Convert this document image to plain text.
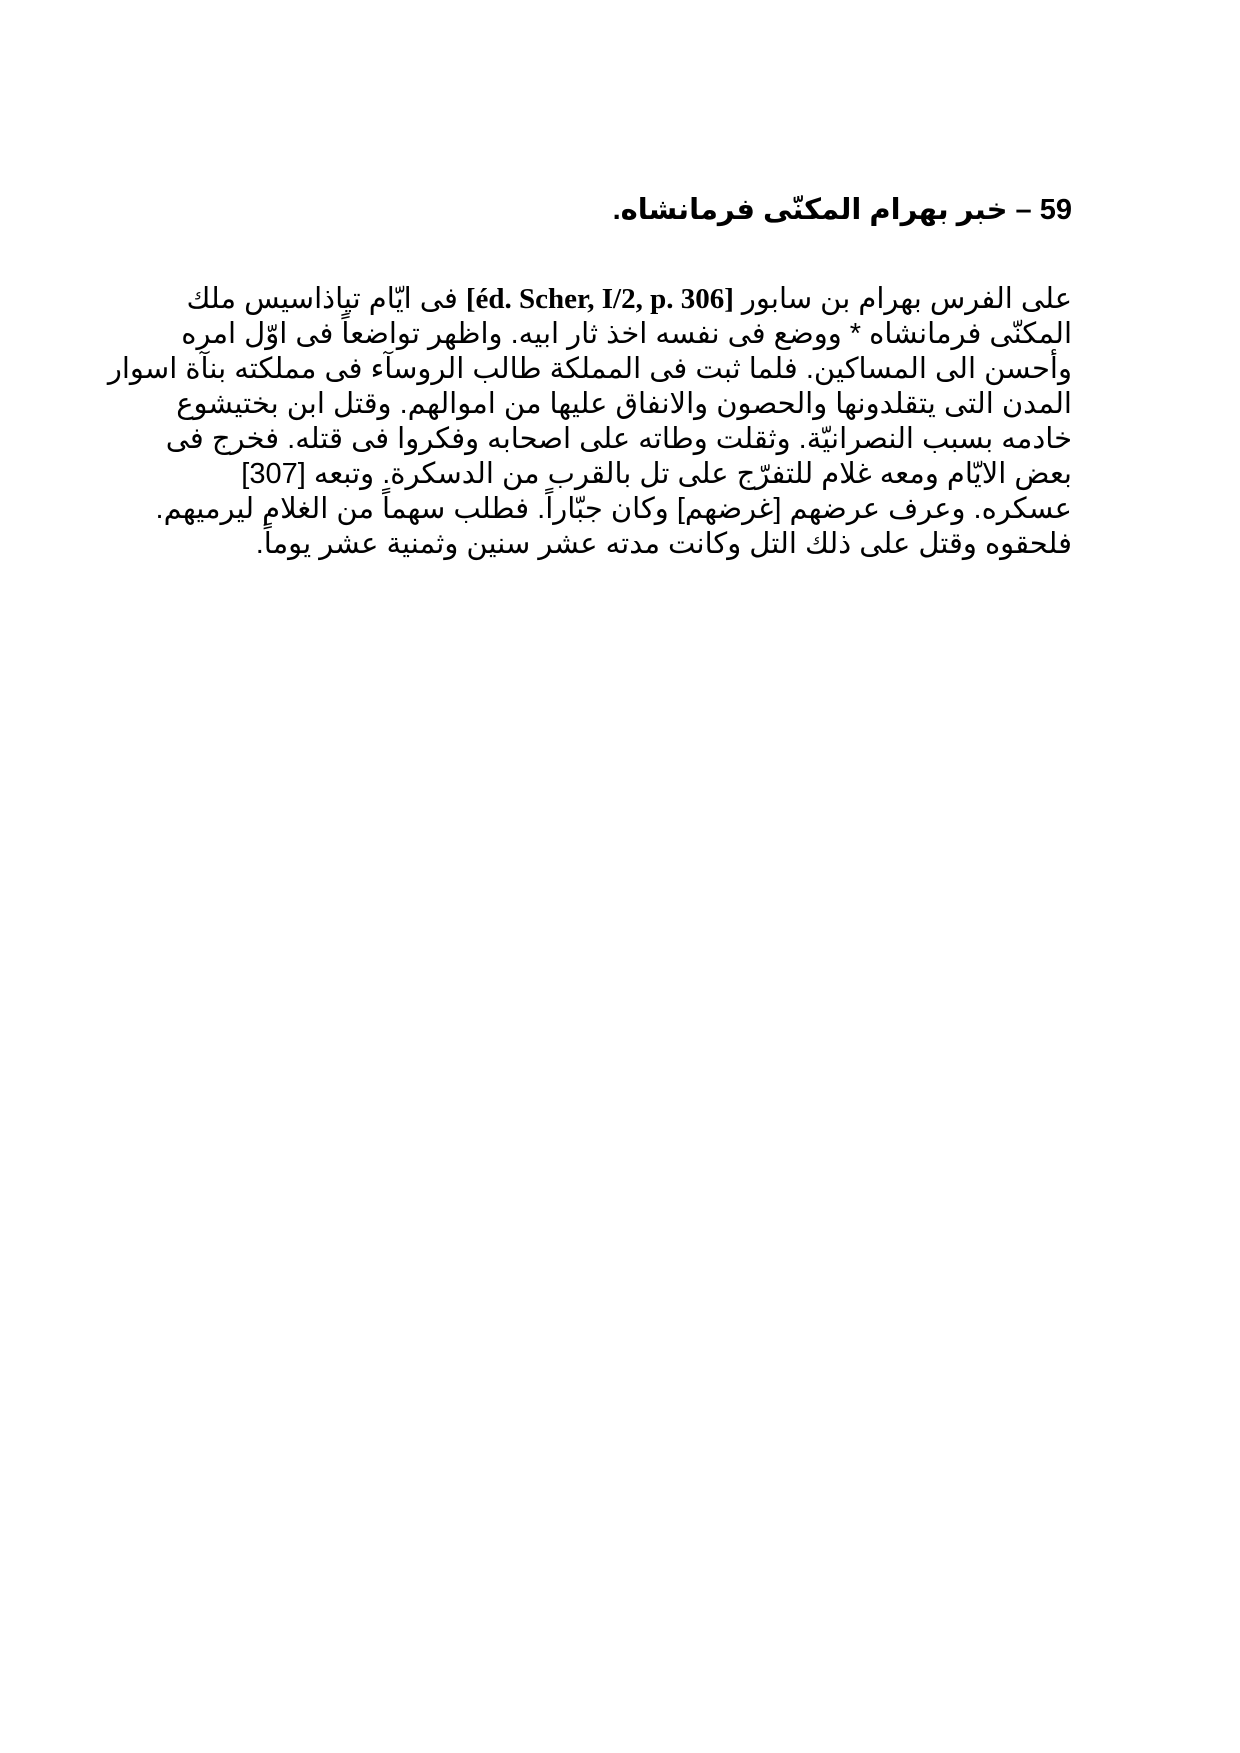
59 – خبر بهرام المكنّى فرمانشاه.
على الفرس بهرام بن سابور [éd. Scher, I/2, p. 306] فى ايّام تياذاسيس ملك
المكنّى فرمانشاه * ووضع فى نفسه اخذ ثار ابيه. واظهر تواضعاً فى اوّل امره
وأحسن الى المساكين. فلما ثبت فى المملكة طالب الروسآء فى مملكته بنآة اسوار
المدن التى يتقلدونها والحصون والانفاق عليها من اموالهم. وقتل ابن بختيشوع
خادمه بسبب النصرانيّة. وثقلت وطاته على اصحابه وفكروا فى قتله. فخرج فى
بعض الايّام ومعه غلام للتفرّج على تل بالقرب من الدسكرة. وتبعه [307]
عسكره. وعرف عرضهم [غرضهم] وكان جبّاراً. فطلب سهماً من الغلام ليرميهم.
فلحقوه وقتل على ذلك التل وكانت مدته عشر سنين وثمنية عشر يوماً.
